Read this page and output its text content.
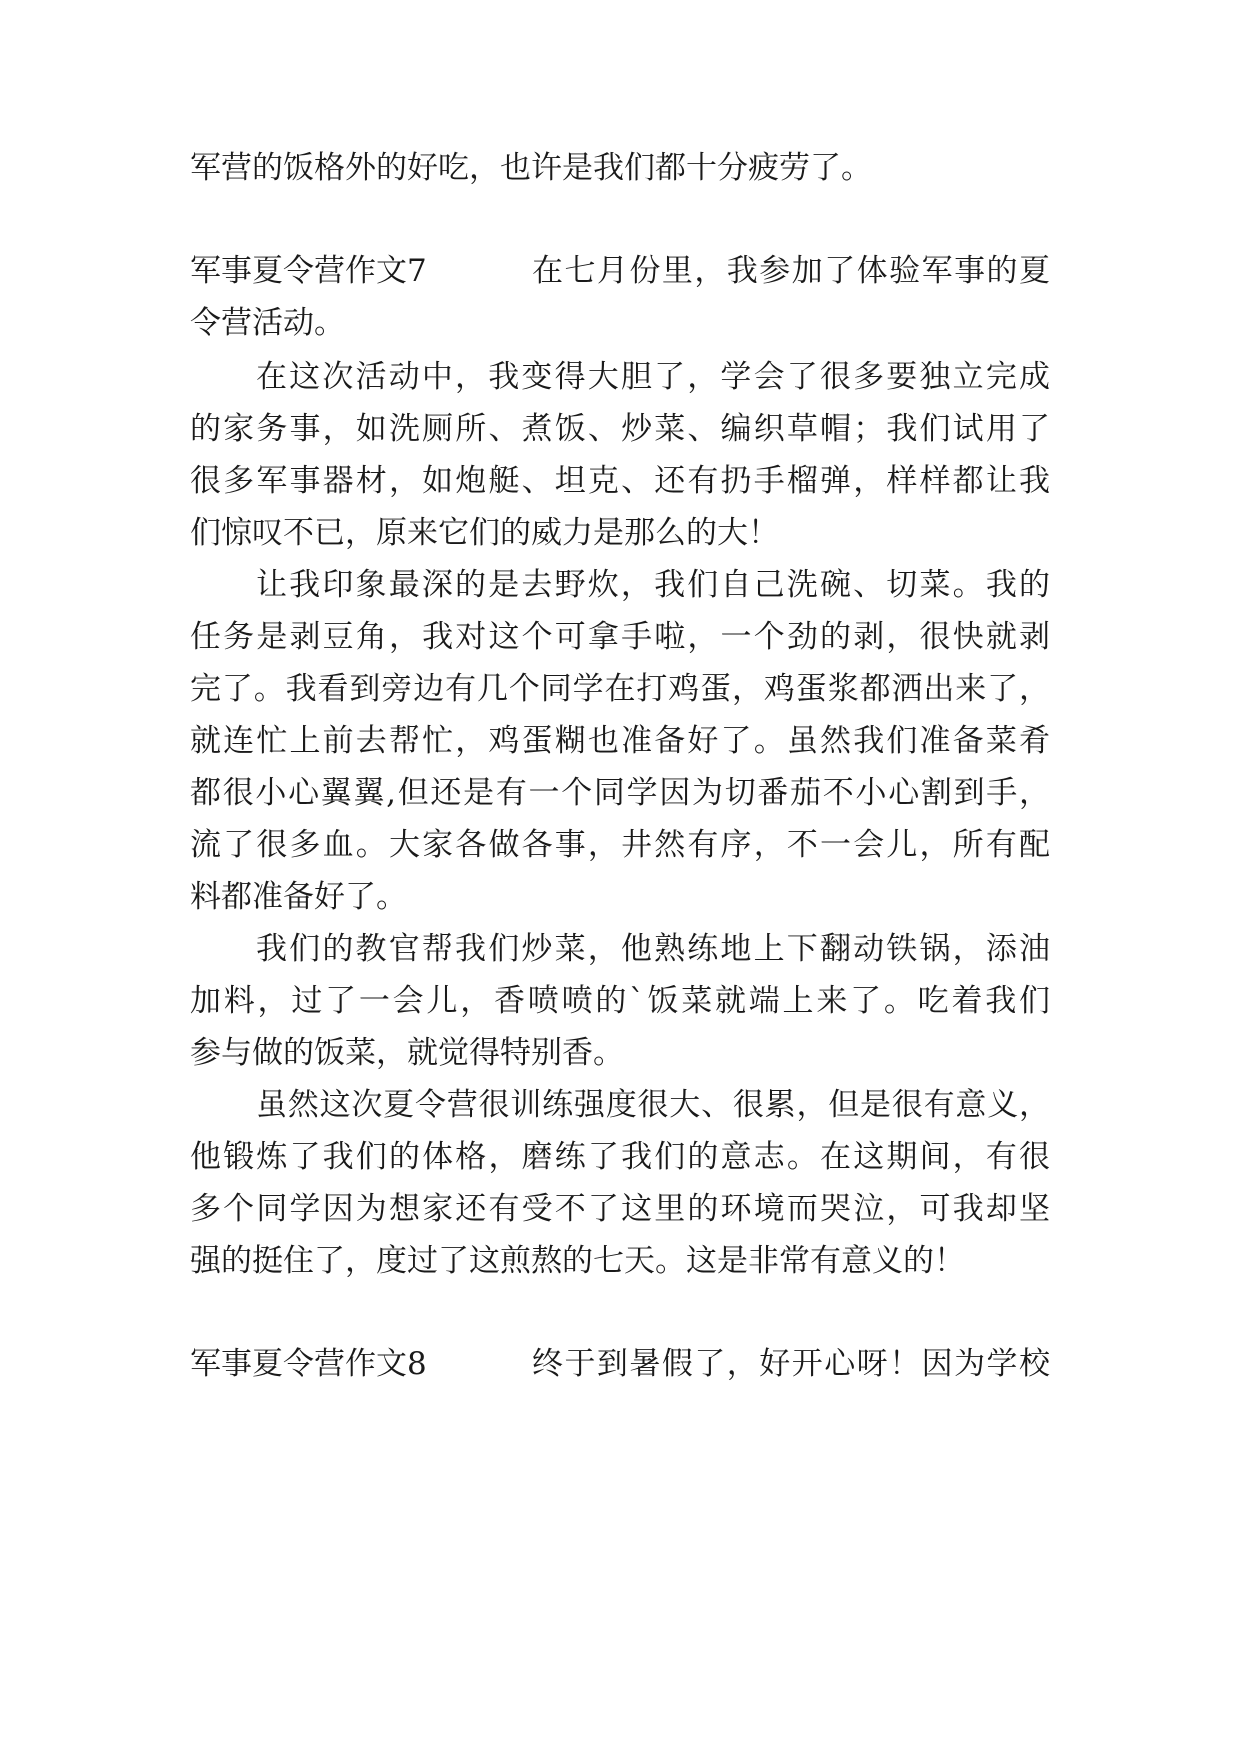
军营的饭格外的好吃，也许是我们都十分疲劳了。
军事夏令营作文7	在七月份里，我参加了体验军事的夏
令营活动。
在这次活动中，我变得大胆了，学会了很多要独立完成
的家务事，如洗厕所、煮饭、炒菜、编织草帽；我们试用了
很多军事器材，如炮艇、坦克、还有扔手榴弹，样样都让我
们惊叹不已，原来它们的威力是那么的大！
让我印象最深的是去野炊，我们自己洗碗、切菜。我的
任务是剥豆角，我对这个可拿手啦，一个劲的剥，很快就剥
完了。我看到旁边有几个同学在打鸡蛋，鸡蛋浆都洒出来了，
就连忙上前去帮忙，鸡蛋糊也准备好了。虽然我们准备菜肴
都很小心翼翼,但还是有一个同学因为切番茄不小心割到手，
流了很多血。大家各做各事，井然有序，不一会儿，所有配
料都准备好了。
我们的教官帮我们炒菜，他熟练地上下翻动铁锅，添油
加料，过了一会儿，香喷喷的`饭菜就端上来了。吃着我们
参与做的饭菜，就觉得特别香。
虽然这次夏令营很训练强度很大、很累，但是很有意义，
他锻炼了我们的体格，磨练了我们的意志。在这期间，有很
多个同学因为想家还有受不了这里的环境而哭泣，可我却坚
强的挺住了，度过了这煎熬的七天。这是非常有意义的！
军事夏令营作文8	终于到暑假了，好开心呀！因为学校
